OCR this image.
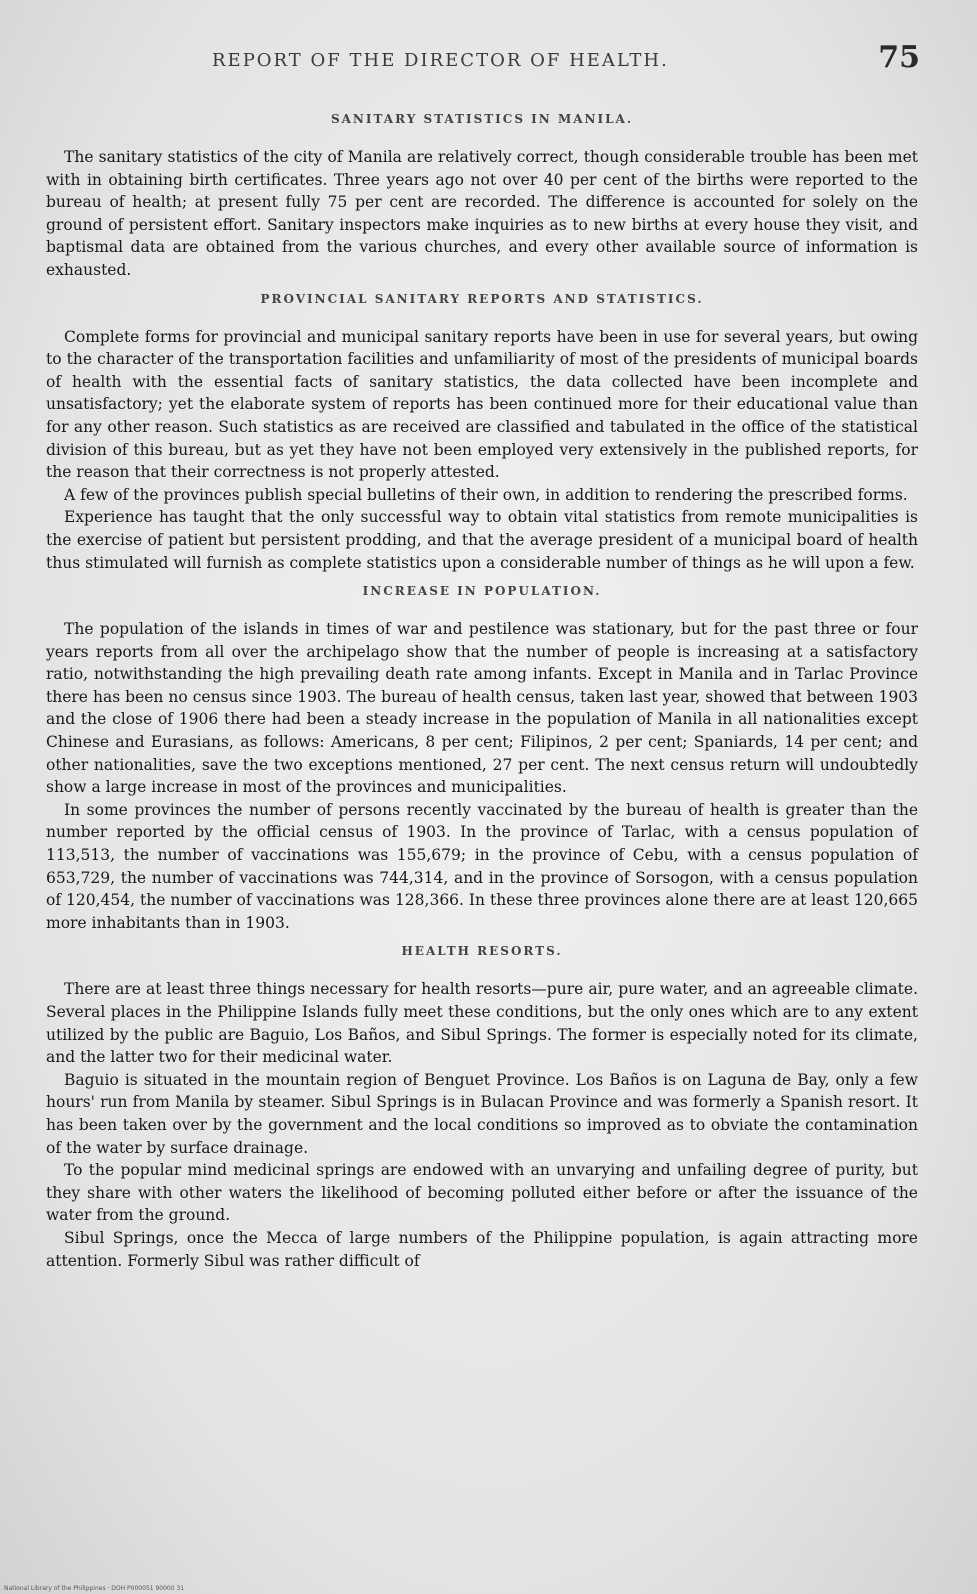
REPORT OF THE DIRECTOR OF HEALTH.	75
SANITARY STATISTICS IN MANILA.

The sanitary statistics of the city of Manila are relatively correct, though considerable trouble has been met with in obtaining birth certificates. Three years ago not over 40 per cent of the births were reported to the bureau of health; at present fully 75 per cent are recorded. The difference is accounted for solely on the ground of persistent effort. Sanitary inspectors make inquiries as to new births at every house they visit, and baptismal data are obtained from the various churches, and every other available source of information is exhausted.

PROVINCIAL SANITARY REPORTS AND STATISTICS.

Complete forms for provincial and municipal sanitary reports have been in use for several years, but owing to the character of the transportation facilities and unfamiliarity of most of the presidents of municipal boards of health with the essential facts of sanitary statistics, the data collected have been incomplete and unsatisfactory; yet the elaborate system of reports has been continued more for their educational value than for any other reason. Such statistics as are received are classified and tabulated in the office of the statistical division of this bureau, but as yet they have not been employed very extensively in the published reports, for the reason that their correctness is not properly attested.

A few of the provinces publish special bulletins of their own, in addition to rendering the prescribed forms.

Experience has taught that the only successful way to obtain vital statistics from remote municipalities is the exercise of patient but persistent prodding, and that the average president of a municipal board of health thus stimulated will furnish as complete statistics upon a considerable number of things as he will upon a few.

INCREASE IN POPULATION.

The population of the islands in times of war and pestilence was stationary, but for the past three or four years reports from all over the archipelago show that the number of people is increasing at a satisfactory ratio, notwithstanding the high prevailing death rate among infants. Except in Manila and in Tarlac Province there has been no census since 1903. The bureau of health census, taken last year, showed that between 1903 and the close of 1906 there had been a steady increase in the population of Manila in all nationalities except Chinese and Eurasians, as follows: Americans, 8 per cent; Filipinos, 2 per cent; Spaniards, 14 per cent; and other nationalities, save the two exceptions mentioned, 27 per cent. The next census return will undoubtedly show a large increase in most of the provinces and municipalities.

In some provinces the number of persons recently vaccinated by the bureau of health is greater than the number reported by the official census of 1903. In the province of Tarlac, with a census population of 113,513, the number of vaccinations was 155,679; in the province of Cebu, with a census population of 653,729, the number of vaccinations was 744,314, and in the province of Sorsogon, with a census population of 120,454, the number of vaccinations was 128,366. In these three provinces alone there are at least 120,665 more inhabitants than in 1903.

HEALTH RESORTS.

There are at least three things necessary for health resorts—pure air, pure water, and an agreeable climate. Several places in the Philippine Islands fully meet these conditions, but the only ones which are to any extent utilized by the public are Baguio, Los Baños, and Sibul Springs. The former is especially noted for its climate, and the latter two for their medicinal water.

Baguio is situated in the mountain region of Benguet Province. Los Baños is on Laguna de Bay, only a few hours' run from Manila by steamer. Sibul Springs is in Bulacan Province and was formerly a Spanish resort. It has been taken over by the government and the local conditions so improved as to obviate the contamination of the water by surface drainage.

To the popular mind medicinal springs are endowed with an unvarying and unfailing degree of purity, but they share with other waters the likelihood of becoming polluted either before or after the issuance of the water from the ground.

Sibul Springs, once the Mecca of large numbers of the Philippine population, is again attracting more attention. Formerly Sibul was rather difficult of

National Library of the Philippines · DOH P000051 90000 31
